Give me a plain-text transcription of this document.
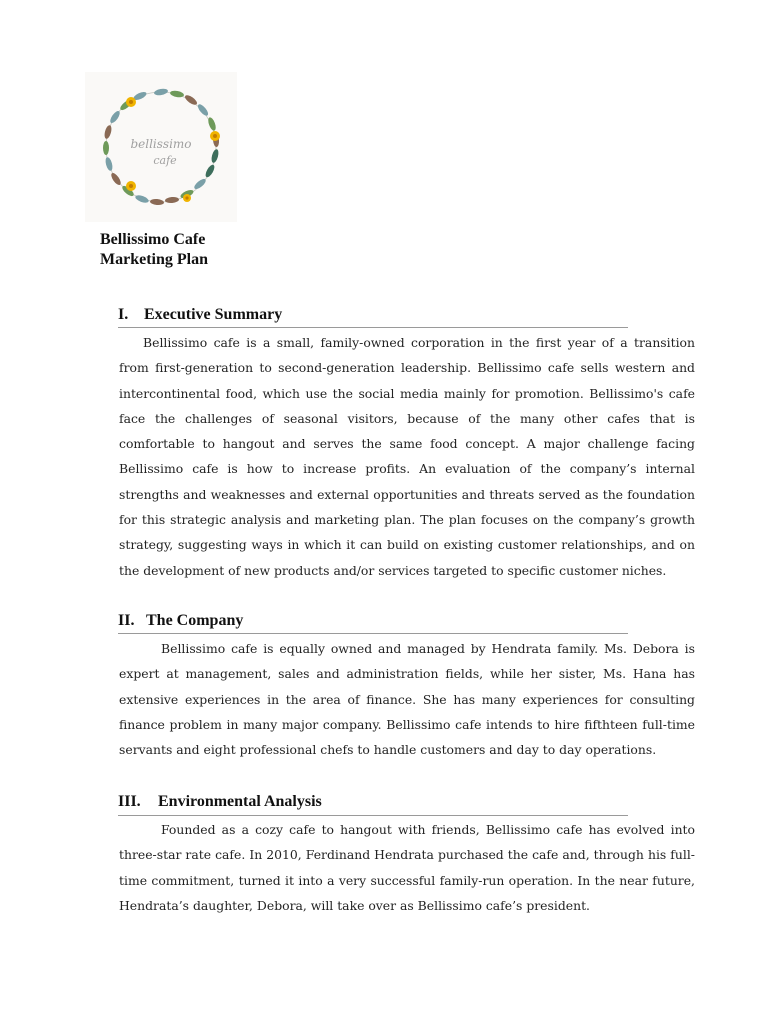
bellissimo
cafe
Bellissimo Cafe
Marketing Plan
I. Executive Summary

Bellissimo cafe is a small, family-owned corporation in the first year of a transition from first-generation to second-generation leadership. Bellissimo cafe sells western and intercontinental food, which use the social media mainly for promotion. Bellissimo's cafe face the challenges of seasonal visitors, because of the many other cafes that is comfortable to hangout and serves the same food concept. A major challenge facing Bellissimo cafe is how to increase profits. An evaluation of the company’s internal strengths and weaknesses and external opportunities and threats served as the foundation for this strategic analysis and marketing plan. The plan focuses on the company’s growth strategy, suggesting ways in which it can build on existing customer relationships, and on the development of new products and/or services targeted to specific customer niches.

II. The Company

Bellissimo cafe is equally owned and managed by Hendrata family. Ms. Debora is expert at management, sales and administration fields, while her sister, Ms. Hana has extensive experiences in the area of finance. She has many experiences for consulting finance problem in many major company. Bellissimo cafe intends to hire fifthteen full-time servants and eight professional chefs to handle customers and day to day operations.

III. Environmental Analysis

Founded as a cozy cafe to hangout with friends, Bellissimo cafe has evolved into three-star rate cafe. In 2010, Ferdinand Hendrata purchased the cafe and, through his full-time commitment, turned it into a very successful family-run operation. In the near future, Hendrata’s daughter, Debora, will take over as Bellissimo cafe’s president.
